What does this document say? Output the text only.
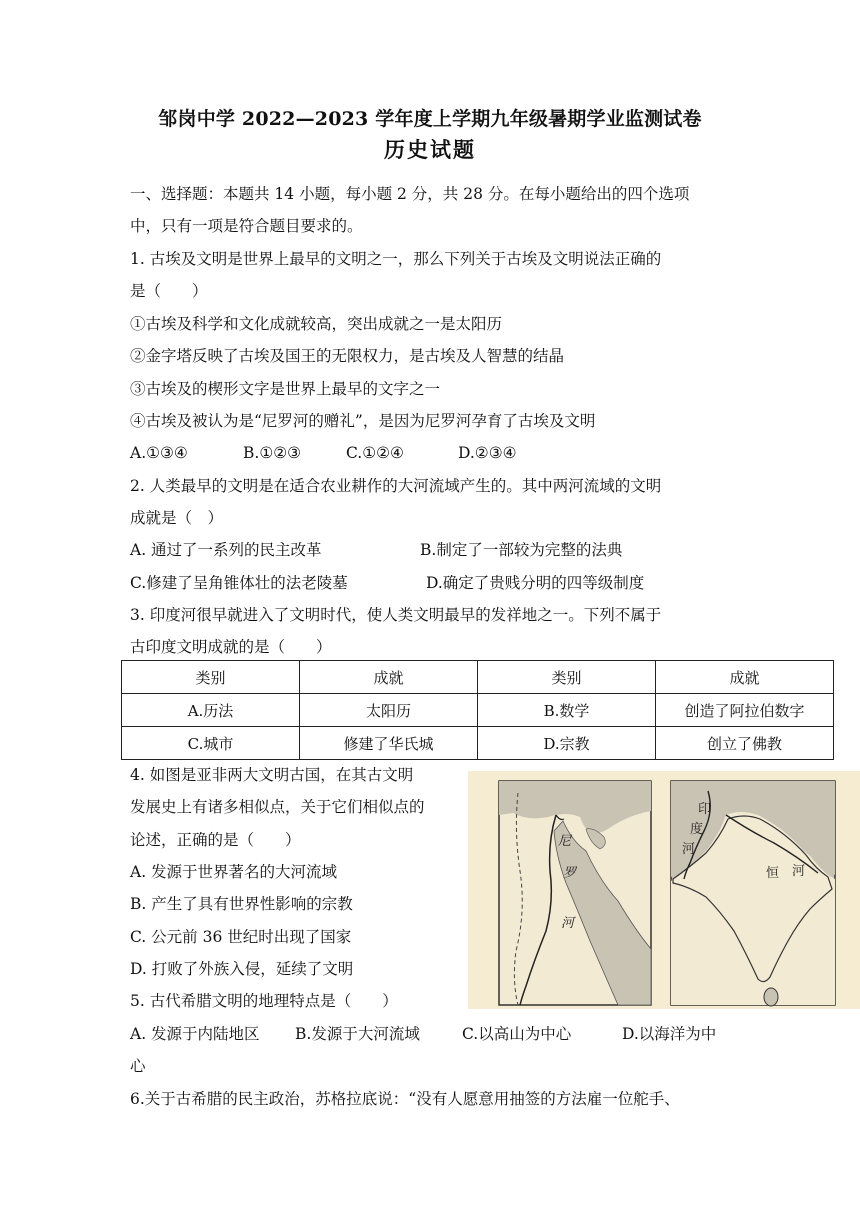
邹岗中学 2022—2023 学年度上学期九年级暑期学业监测试卷
历史试题
一、选择题：本题共 14 小题，每小题 2 分，共 28 分。在每小题给出的四个选项
中，只有一项是符合题目要求的。
1. 古埃及文明是世界上最早的文明之一，那么下列关于古埃及文明说法正确的
是（　　）
①古埃及科学和文化成就较高，突出成就之一是太阳历
②金字塔反映了古埃及国王的无限权力，是古埃及人智慧的结晶
③古埃及的楔形文字是世界上最早的文字之一
④古埃及被认为是“尼罗河的赠礼”，是因为尼罗河孕育了古埃及文明
A.①③④	B.①②③	C.①②④	D.②③④
2. 人类最早的文明是在适合农业耕作的大河流域产生的。其中两河流域的文明
成就是（　）
A. 通过了一系列的民主改革	B.制定了一部较为完整的法典
C.修建了呈角锥体壮的法老陵墓	D.确定了贵贱分明的四等级制度
3. 印度河很早就进入了文明时代，使人类文明最早的发祥地之一。下列不属于
古印度文明成就的是（　　）
类别	成就	类别	成就
A.历法	太阳历	B.数学	创造了阿拉伯数字
C.城市	修建了华氏城	D.宗教	创立了佛教
4. 如图是亚非两大文明古国，在其古文明
发展史上有诸多相似点，关于它们相似点的
论述，正确的是（　　）
A. 发源于世界著名的大河流域
B. 产生了具有世界性影响的宗教
C. 公元前 36 世纪时出现了国家
D. 打败了外族入侵，延续了文明
尼
罗
河
印
度
河
恒 河
5. 古代希腊文明的地理特点是（　　）
A. 发源于内陆地区 B.发源于大河流域	C.以高山为中心	D.以海洋为中
心
6.关于古希腊的民主政治，苏格拉底说：“没有人愿意用抽签的方法雇一位舵手、
